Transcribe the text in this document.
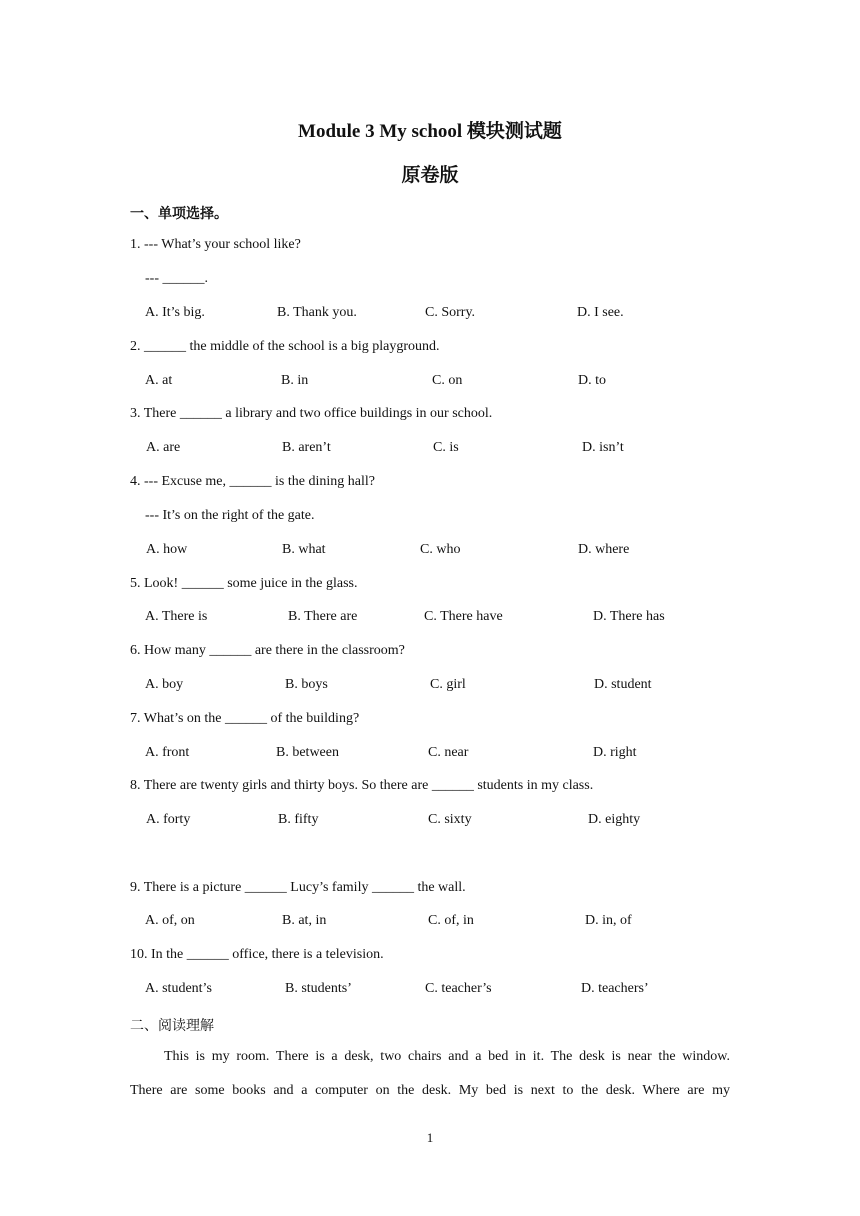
Module 3 My school 模块测试题
原卷版
一、单项选择。
1. --- What’s your school like?
--- ______.
A. It’s big.	B. Thank you.	C. Sorry.	D. I see.
2. ______ the middle of the school is a big playground.
A. at	B. in	C. on	D. to
3. There ______ a library and two office buildings in our school.
A. are	B. aren’t	C. is	D. isn’t
4. --- Excuse me, ______ is the dining hall?
--- It’s on the right of the gate.
A. how	B. what	C. who	D. where
5. Look! ______ some juice in the glass.
A. There is	B. There are	C. There have	D. There has
6. How many ______ are there in the classroom?
A. boy	B. boys	C. girl	D. student
7. What’s on the ______ of the building?
A. front	B. between	C. near	D. right
8. There are twenty girls and thirty boys. So there are ______ students in my class.
A. forty	B. fifty	C. sixty	D. eighty
9. There is a picture ______ Lucy’s family ______ the wall.
A. of, on	B. at, in	C. of, in	D. in, of
10. In the ______ office, there is a television.
A. student’s	B. students’	C. teacher’s	D. teachers’
二、阅读理解
This is my room. There is a desk, two chairs and a bed in it. The desk is near the window.
There are some books and a computer on the desk. My bed is next to the desk. Where are my
1
